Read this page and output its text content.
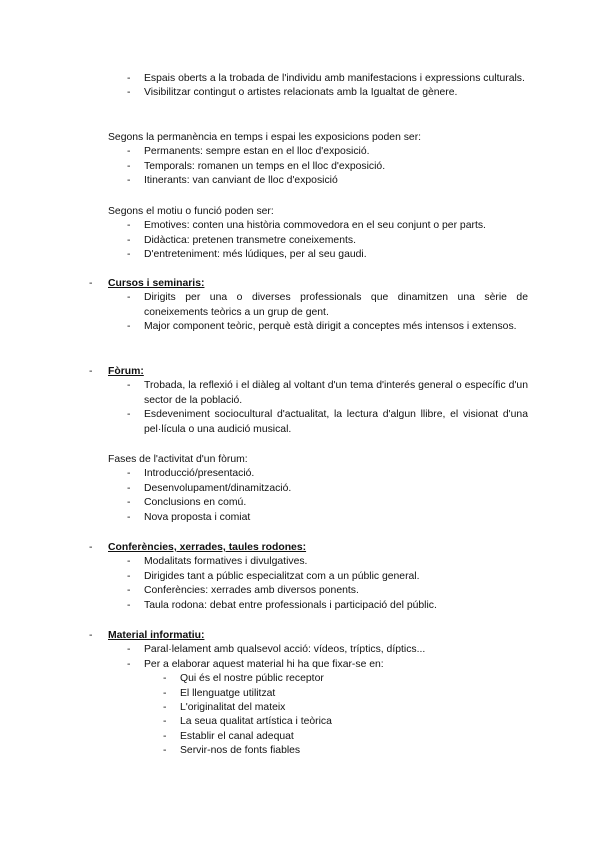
- Espais oberts a la trobada de l'individu amb manifestacions i expressions culturals.
- Visibilitzar contingut o artistes relacionats amb la Igualtat de gènere.
Segons la permanència en temps i espai les exposicions poden ser:
- Permanents: sempre estan en el lloc d'exposició.
- Temporals: romanen un temps en el lloc d'exposició.
- Itinerants: van canviant de lloc d'exposició
Segons el motiu o funció poden ser:
- Emotives: conten una història commovedora en el seu conjunt o per parts.
- Didàctica: pretenen transmetre coneixements.
- D'entreteniment: més lúdiques, per al seu gaudi.
- Cursos i seminaris:
- Dirigits per una o diverses professionals que dinamitzen una sèrie de coneixements teòrics a un grup de gent.
- Major component teòric, perquè està dirigit a conceptes més intensos i extensos.
- Fòrum:
- Trobada, la reflexió i el diàleg al voltant d'un tema d'interés general o específic d'un sector de la població.
- Esdeveniment sociocultural d'actualitat, la lectura d'algun llibre, el visionat d'una pel·lícula o una audició musical.
Fases de l'activitat d'un fòrum:
- Introducció/presentació.
- Desenvolupament/dinamització.
- Conclusions en comú.
- Nova proposta i comiat
- Conferències, xerrades, taules rodones:
- Modalitats formatives i divulgatives.
- Dirigides tant a públic especialitzat com a un públic general.
- Conferències: xerrades amb diversos ponents.
- Taula rodona: debat entre professionals i participació del públic.
- Material informatiu:
- Paral·lelament amb qualsevol acció: vídeos, tríptics, díptics...
- Per a elaborar aquest material hi ha que fixar-se en:
- Qui és el nostre públic receptor
- El llenguatge utilitzat
- L'originalitat del mateix
- La seua qualitat artística i teòrica
- Establir el canal adequat
- Servir-nos de fonts fiables
